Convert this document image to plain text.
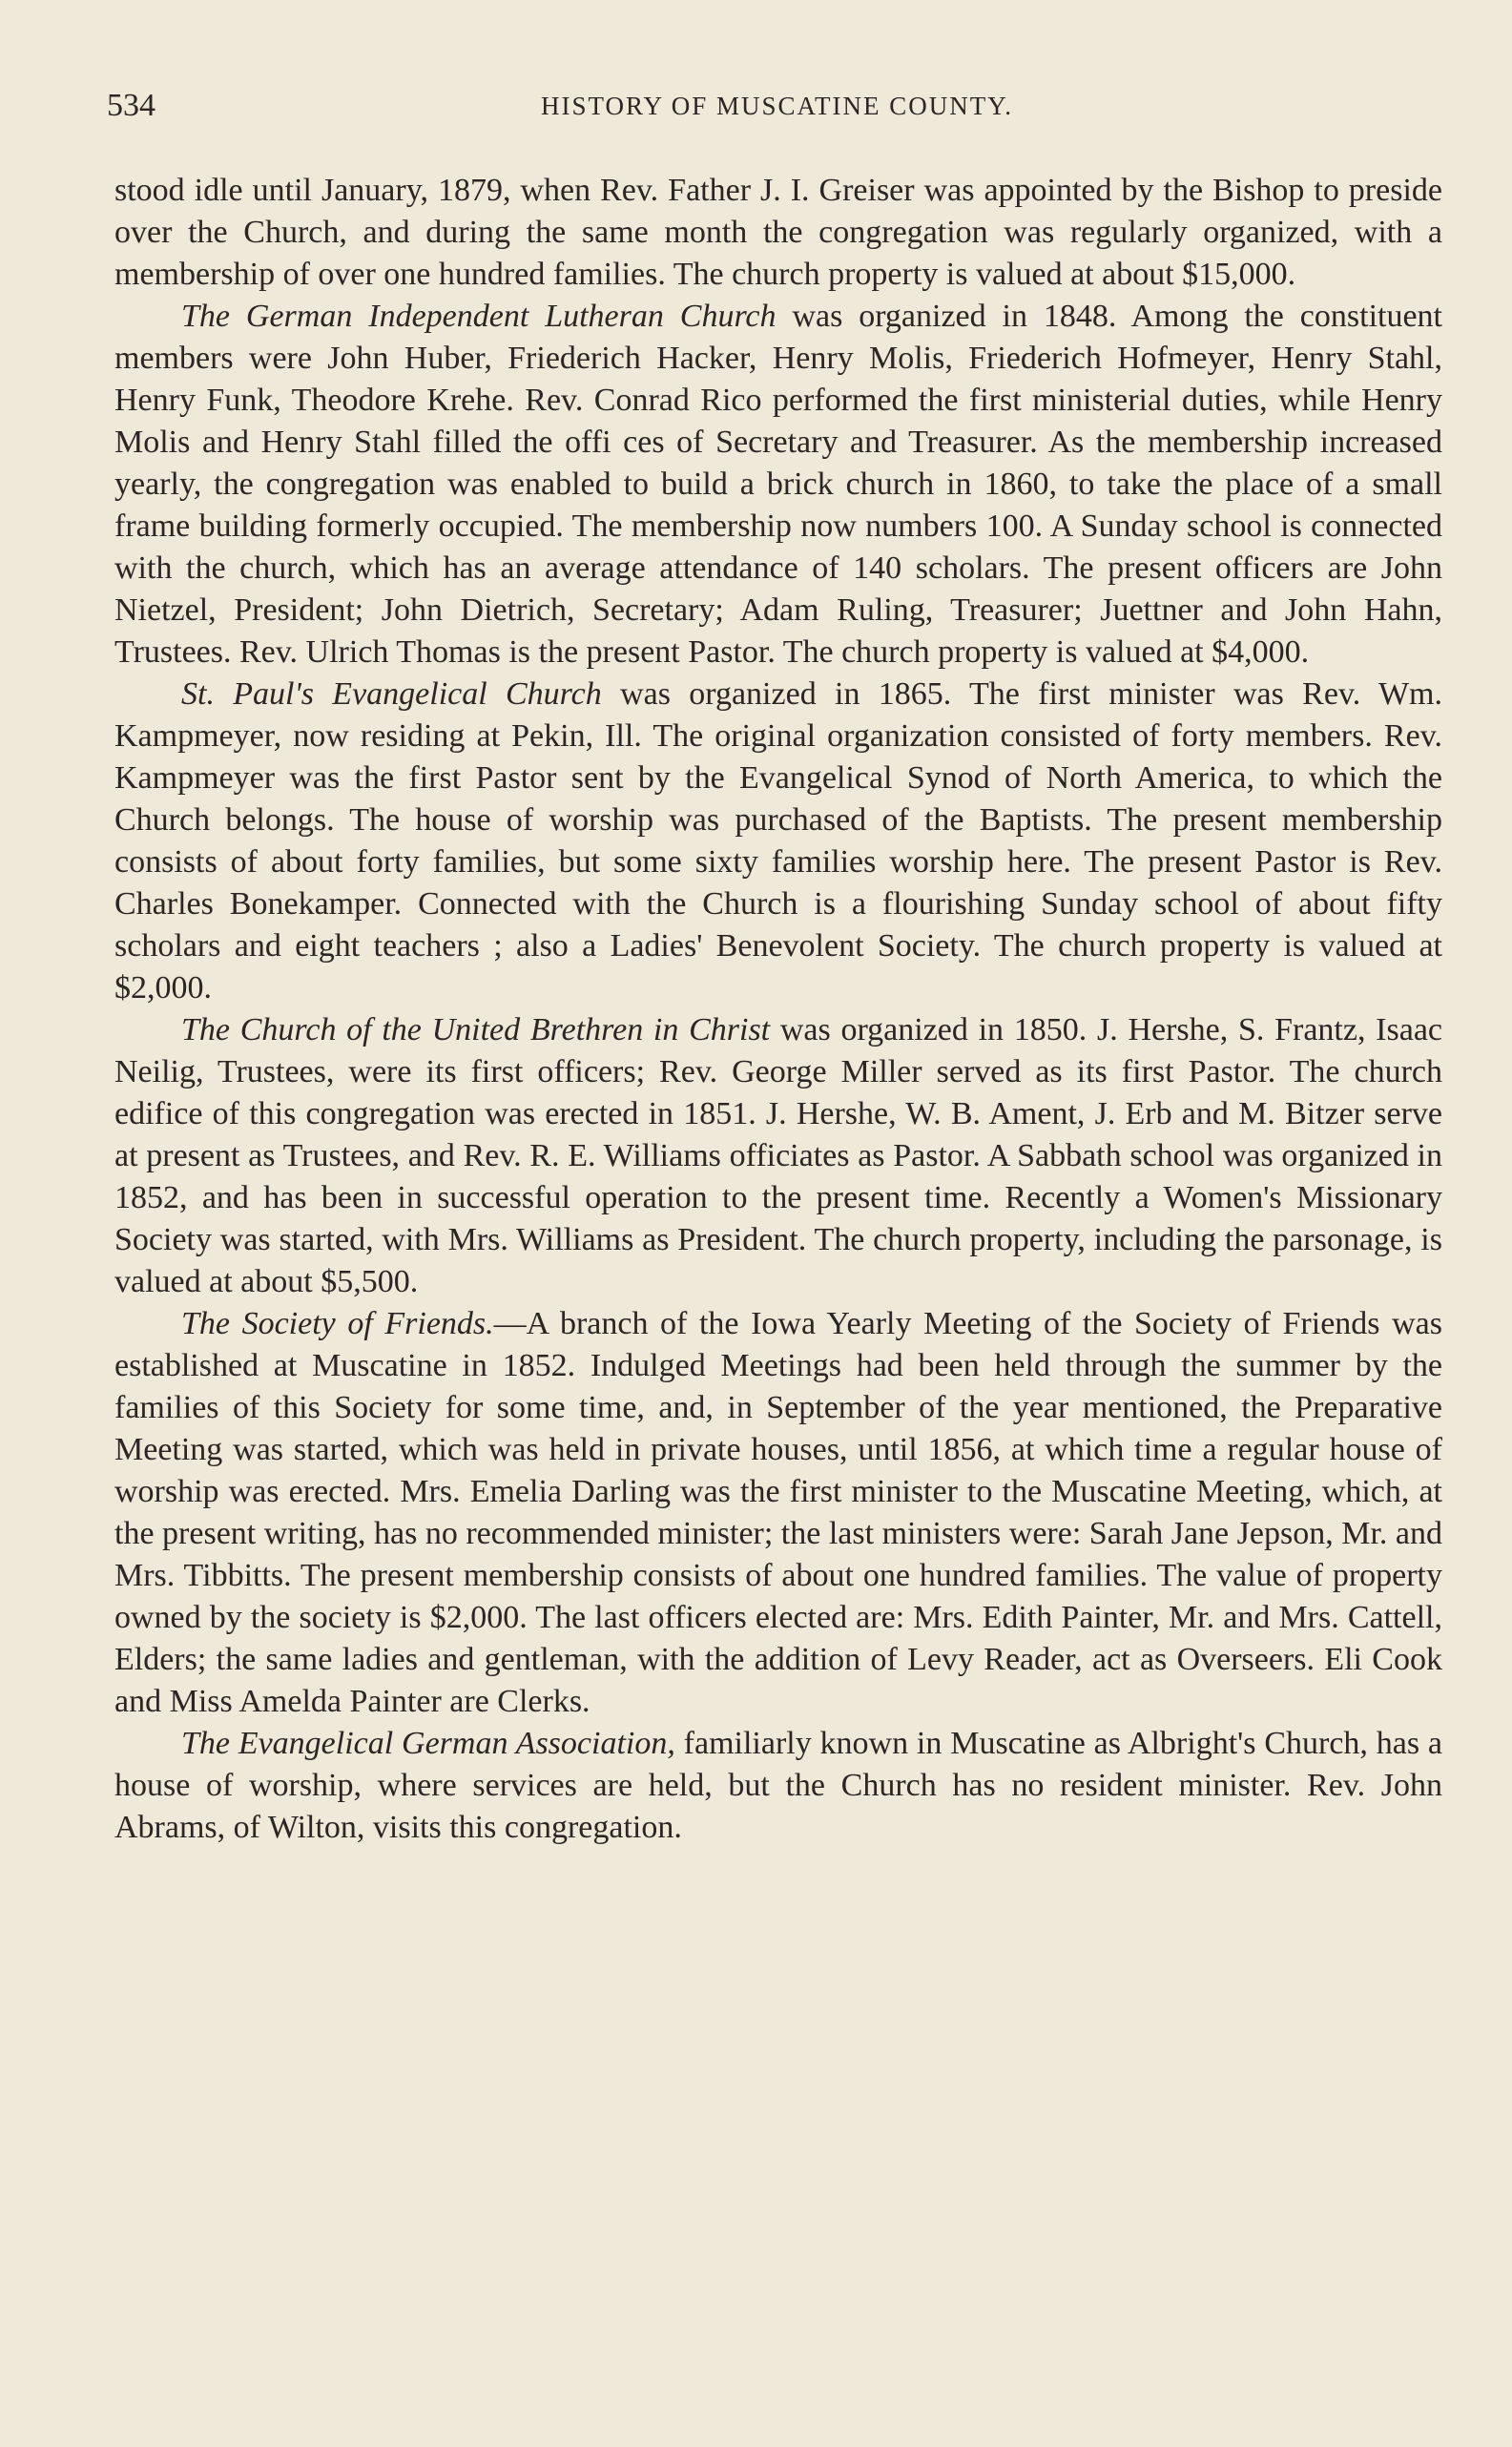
534	HISTORY OF MUSCATINE COUNTY.

stood idle until January, 1879, when Rev. Father J. I. Greiser was appointed by the Bishop to preside over the Church, and during the same month the congregation was regularly organized, with a membership of over one hundred families. The church property is valued at about $15,000.

The German Independent Lutheran Church was organized in 1848. Among the constituent members were John Huber, Friederich Hacker, Henry Molis, Friederich Hofmeyer, Henry Stahl, Henry Funk, Theodore Krehe. Rev. Conrad Rico performed the first ministerial duties, while Henry Molis and Henry Stahl filled the offi ces of Secretary and Treasurer. As the membership increased yearly, the congregation was enabled to build a brick church in 1860, to take the place of a small frame building formerly occupied. The membership now numbers 100. A Sunday school is connected with the church, which has an average attendance of 140 scholars. The present officers are John Nietzel, President; John Dietrich, Secretary; Adam Ruling, Treasurer; Juettner and John Hahn, Trustees. Rev. Ulrich Thomas is the present Pastor. The church property is valued at $4,000.

St. Paul's Evangelical Church was organized in 1865. The first minister was Rev. Wm. Kampmeyer, now residing at Pekin, Ill. The original organization consisted of forty members. Rev. Kampmeyer was the first Pastor sent by the Evangelical Synod of North America, to which the Church belongs. The house of worship was purchased of the Baptists. The present membership consists of about forty families, but some sixty families worship here. The present Pastor is Rev. Charles Bonekamper. Connected with the Church is a flourishing Sunday school of about fifty scholars and eight teachers ; also a Ladies' Benevolent Society. The church property is valued at $2,000.

The Church of the United Brethren in Christ was organized in 1850. J. Hershe, S. Frantz, Isaac Neilig, Trustees, were its first officers; Rev. George Miller served as its first Pastor. The church edifice of this congregation was erected in 1851. J. Hershe, W. B. Ament, J. Erb and M. Bitzer serve at present as Trustees, and Rev. R. E. Williams officiates as Pastor. A Sabbath school was organized in 1852, and has been in successful operation to the present time. Recently a Women's Missionary Society was started, with Mrs. Williams as President. The church property, including the parsonage, is valued at about $5,500.

The Society of Friends.—A branch of the Iowa Yearly Meeting of the Society of Friends was established at Muscatine in 1852. Indulged Meetings had been held through the summer by the families of this Society for some time, and, in September of the year mentioned, the Preparative Meeting was started, which was held in private houses, until 1856, at which time a regular house of worship was erected. Mrs. Emelia Darling was the first minister to the Muscatine Meeting, which, at the present writing, has no recommended minister; the last ministers were: Sarah Jane Jepson, Mr. and Mrs. Tibbitts. The present membership consists of about one hundred families. The value of property owned by the society is $2,000. The last officers elected are: Mrs. Edith Painter, Mr. and Mrs. Cattell, Elders; the same ladies and gentleman, with the addition of Levy Reader, act as Overseers. Eli Cook and Miss Amelda Painter are Clerks.

The Evangelical German Association, familiarly known in Muscatine as Albright's Church, has a house of worship, where services are held, but the Church has no resident minister. Rev. John Abrams, of Wilton, visits this congregation.
